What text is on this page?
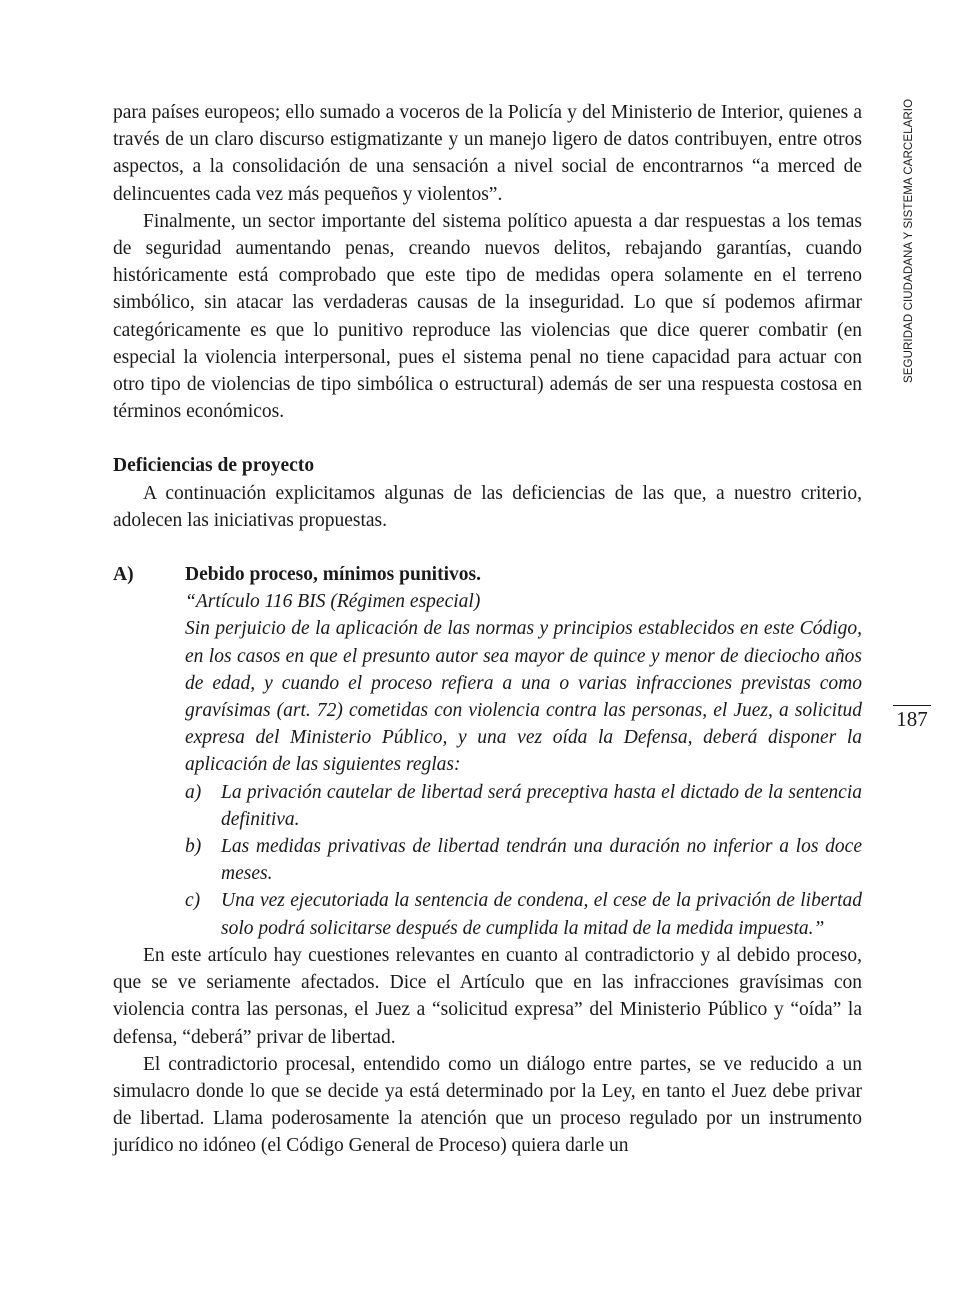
SEGURIDAD CIUDADANA Y SISTEMA CARCELARIO
187

para países europeos; ello sumado a voceros de la Policía y del Ministerio de Interior, quienes a través de un claro discurso estigmatizante y un manejo ligero de datos contribuyen, entre otros aspectos, a la consolidación de una sensación a nivel social de encontrarnos “a merced de delincuentes cada vez más pequeños y violentos”.

Finalmente, un sector importante del sistema político apuesta a dar respuestas a los temas de seguridad aumentando penas, creando nuevos delitos, rebajando garantías, cuando históricamente está comprobado que este tipo de medidas opera solamente en el terreno simbólico, sin atacar las verdaderas causas de la inseguridad. Lo que sí podemos afirmar categóricamente es que lo punitivo reproduce las violencias que dice querer combatir (en especial la violencia interpersonal, pues el sistema penal no tiene capacidad para actuar con otro tipo de violencias de tipo simbólica o estructural) además de ser una respuesta costosa en términos económicos.

Deficiencias de proyecto

A continuación explicitamos algunas de las deficiencias de las que, a nuestro criterio, adolecen las iniciativas propuestas.

A)	Debido proceso, mínimos punitivos.
“Artículo 116 BIS (Régimen especial)
Sin perjuicio de la aplicación de las normas y principios establecidos en este Código, en los casos en que el presunto autor sea mayor de quince y menor de dieciocho años de edad, y cuando el proceso refiera a una o varias infracciones previstas como gravísimas (art. 72) cometidas con violencia contra las personas, el Juez, a solicitud expresa del Ministerio Público, y una vez oída la Defensa, deberá disponer la aplicación de las siguientes reglas:
a)	La privación cautelar de libertad será preceptiva hasta el dictado de la sentencia definitiva.
b)	Las medidas privativas de libertad tendrán una duración no inferior a los doce meses.
c)	Una vez ejecutoriada la sentencia de condena, el cese de la privación de libertad solo podrá solicitarse después de cumplida la mitad de la medida impuesta.”

En este artículo hay cuestiones relevantes en cuanto al contradictorio y al debido proceso, que se ve seriamente afectados. Dice el Artículo que en las infracciones gravísimas con violencia contra las personas, el Juez a “solicitud expresa” del Ministerio Público y “oída” la defensa, “deberá” privar de libertad.

El contradictorio procesal, entendido como un diálogo entre partes, se ve reducido a un simulacro donde lo que se decide ya está determinado por la Ley, en tanto el Juez debe privar de libertad. Llama poderosamente la atención que un proceso regulado por un instrumento jurídico no idóneo (el Código General de Proceso) quiera darle un
